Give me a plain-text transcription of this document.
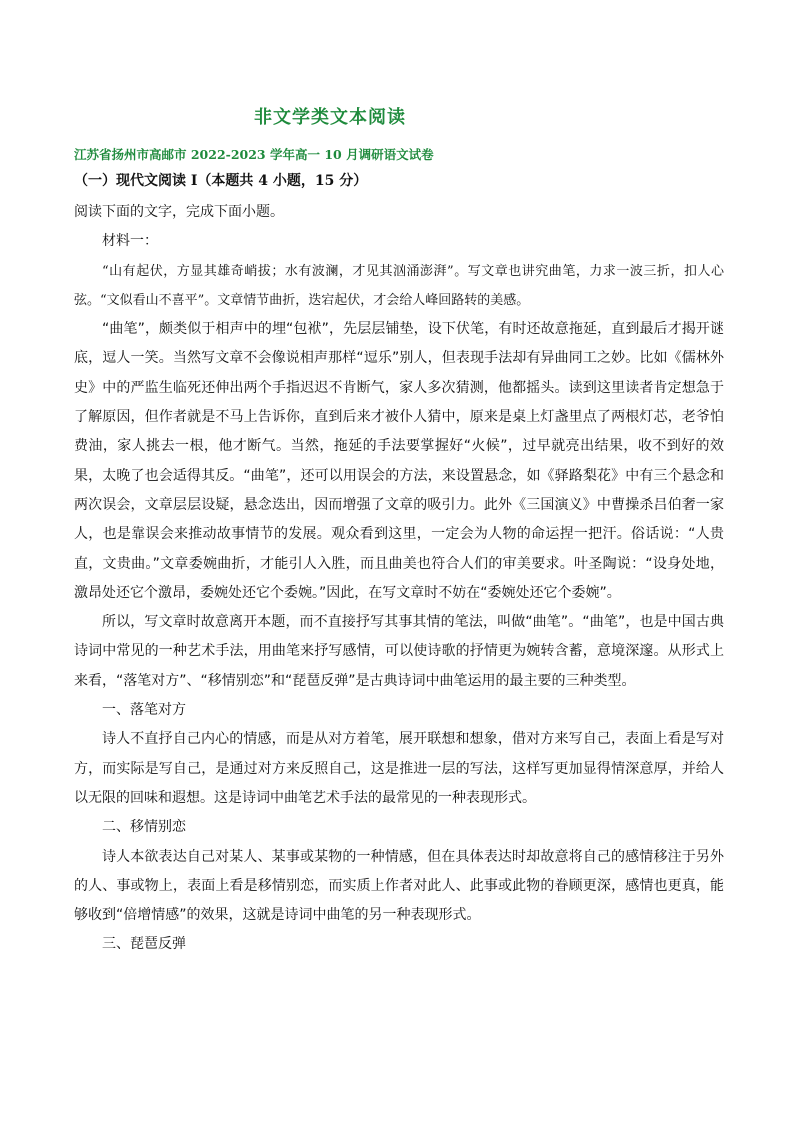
非文学类文本阅读
江苏省扬州市高邮市 2022-2023 学年高一 10 月调研语文试卷
（一）现代文阅读 I（本题共 4 小题，15 分）

阅读下面的文字，完成下面小题。

材料一：

“山有起伏，方显其雄奇峭拔；水有波澜，才见其汹涌澎湃”。写文章也讲究曲笔，力求一波三折，扣人心弦。“文似看山不喜平”。文章情节曲折，迭宕起伏，才会给人峰回路转的美感。

“曲笔”，颇类似于相声中的埋“包袱”，先层层铺垫，设下伏笔，有时还故意拖延，直到最后才揭开谜底，逗人一笑。当然写文章不会像说相声那样“逗乐”别人，但表现手法却有异曲同工之妙。比如《儒林外史》中的严监生临死还伸出两个手指迟迟不肯断气，家人多次猜测，他都摇头。读到这里读者肯定想急于了解原因，但作者就是不马上告诉你，直到后来才被仆人猜中，原来是桌上灯盏里点了两根灯芯，老爷怕费油，家人挑去一根，他才断气。当然，拖延的手法要掌握好“火候”，过早就亮出结果，收不到好的效果，太晚了也会适得其反。“曲笔”，还可以用误会的方法，来设置悬念，如《驿路梨花》中有三个悬念和两次误会，文章层层设疑，悬念迭出，因而增强了文章的吸引力。此外《三国演义》中曹操杀吕伯奢一家人，也是靠误会来推动故事情节的发展。观众看到这里，一定会为人物的命运捏一把汗。俗话说：“人贵直，文贵曲。”文章委婉曲折，才能引人入胜，而且曲美也符合人们的审美要求。叶圣陶说：“设身处地，激昂处还它个激昂，委婉处还它个委婉。”因此，在写文章时不妨在“委婉处还它个委婉”。

所以，写文章时故意离开本题，而不直接抒写其事其情的笔法，叫做“曲笔”。“曲笔”，也是中国古典诗词中常见的一种艺术手法，用曲笔来抒写感情，可以使诗歌的抒情更为婉转含蓄，意境深邃。从形式上来看，“落笔对方”、“移情别恋”和“琵琶反弹”是古典诗词中曲笔运用的最主要的三种类型。

一、落笔对方

诗人不直抒自己内心的情感，而是从对方着笔，展开联想和想象，借对方来写自己，表面上看是写对方，而实际是写自己，是通过对方来反照自己，这是推进一层的写法，这样写更加显得情深意厚，并给人以无限的回味和遐想。这是诗词中曲笔艺术手法的最常见的一种表现形式。

二、移情别恋

诗人本欲表达自己对某人、某事或某物的一种情感，但在具体表达时却故意将自己的感情移注于另外的人、事或物上，表面上看是移情别恋，而实质上作者对此人、此事或此物的眷顾更深，感情也更真，能够收到“倍增情感”的效果，这就是诗词中曲笔的另一种表现形式。

三、琵琶反弹
